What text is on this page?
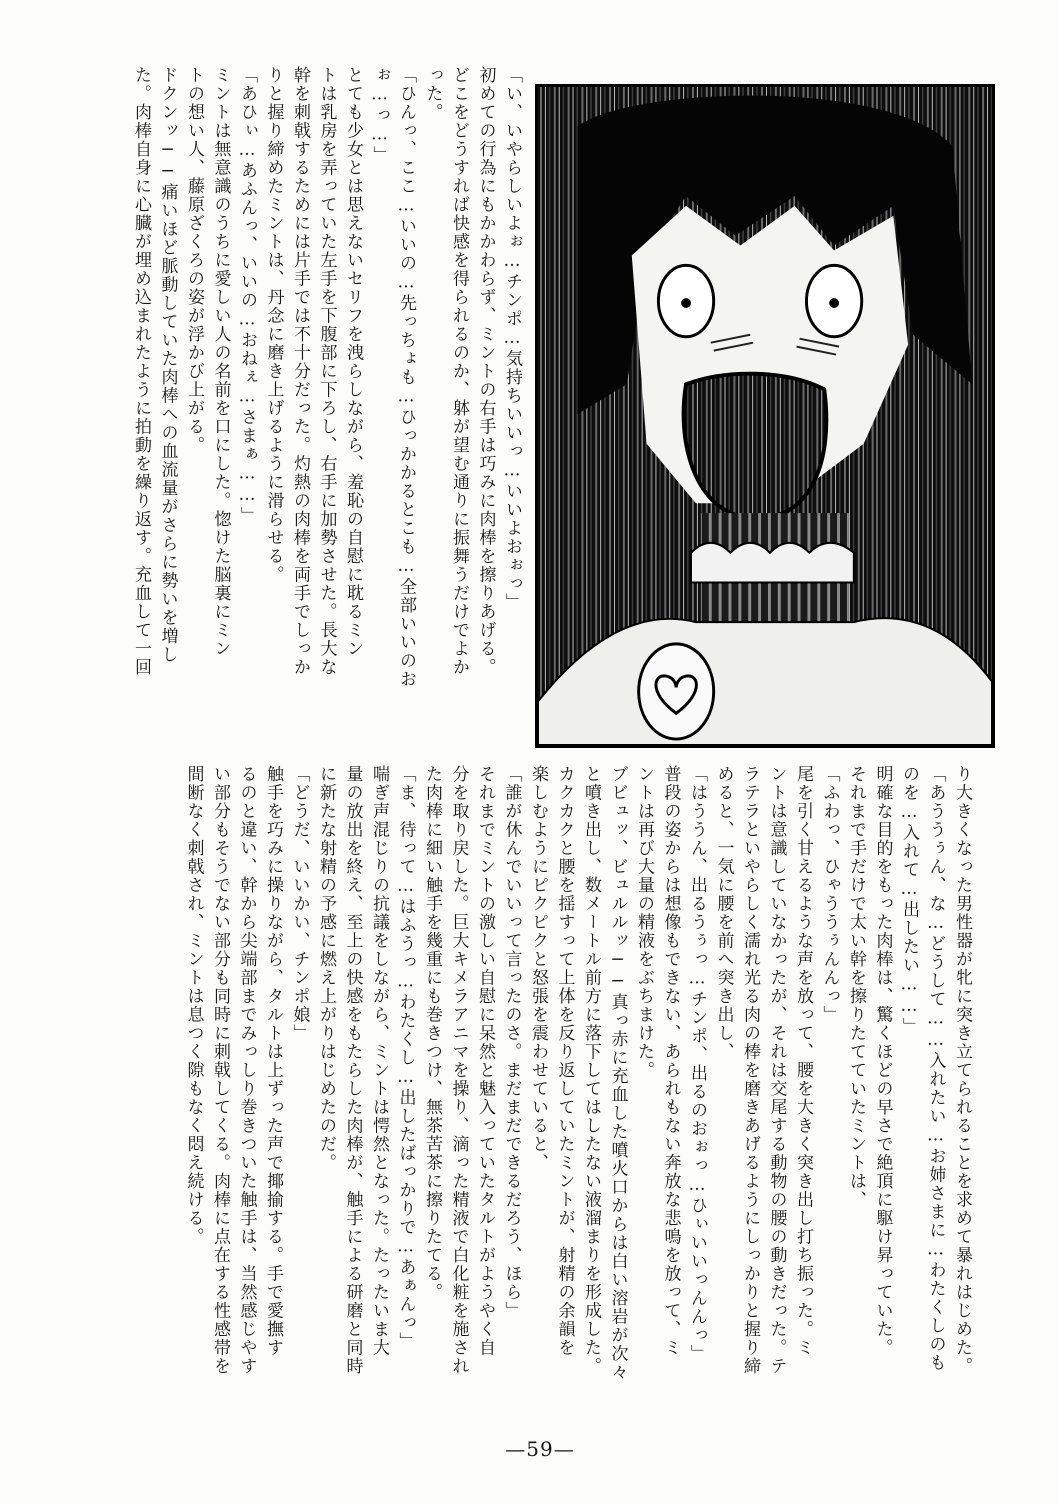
「い、いやらしいよぉ…チンポ…気持ちいいっ…いいよおぉっ」
初めての行為にもかかわらず、ミントの右手は巧みに肉棒を擦りあげる。
どこをどうすれば快感を得られるのか、躰が望む通りに振舞うだけでよか
った。
「ひんっ、ここ…いいの…先っちょも…ひっかかるとこも…全部いいのお
ぉ…っ…」
とても少女とは思えないセリフを洩らしながら、羞恥の自慰に耽るミン
トは乳房を弄っていた左手を下腹部に下ろし、右手に加勢させた。長大な
幹を刺戟するためには片手では不十分だった。灼熱の肉棒を両手でしっか
りと握り締めたミントは、丹念に磨き上げるように滑らせる。
「あひぃ…あふんっ、いいの…おねぇ…さまぁ……」
ミントは無意識のうちに愛しい人の名前を口にした。惚けた脳裏にミン
トの想い人、藤原ざくろの姿が浮かび上がる。
ドクンッ──痛いほど脈動していた肉棒への血流量がさらに勢いを増し
た。肉棒自身に心臓が埋め込まれたように拍動を繰り返す。充血して一回
り大きくなった男性器が牝に突き立てられることを求めて暴れはじめた。
「あううぅん、な…どうして……入れたい…お姉さまに…わたくしのも
のを…入れて…出したい……」
明確な目的をもった肉棒は、驚くほどの早さで絶頂に駆け昇っていた。
それまで手だけで太い幹を擦りたてていたミントは、
「ふわっ、ひゃううぅんんっ」
尾を引く甘えるような声を放って、腰を大きく突き出し打ち振った。ミ
ントは意識していなかったが、それは交尾する動物の腰の動きだった。テ
ラテラといやらしく濡れ光る肉の棒を磨きあげるようにしっかりと握り締
めると、一気に腰を前へ突き出し、
「はううん、出るうぅっ…チンポ、出るのおぉっ…ひぃいいっんんっ」
普段の姿からは想像もできない、あられもない奔放な悲鳴を放って、ミ
ントは再び大量の精液をぶちまけた。
ブビュッ、ビュルルッ──真っ赤に充血した噴火口からは白い溶岩が次々
と噴き出し、数メートル前方に落下してはしたない液溜まりを形成した。
カクカクと腰を揺すって上体を反り返していたミントが、射精の余韻を
楽しむようにピクピクと怒張を震わせていると、
「誰が休んでいいって言ったのさ。まだまだできるだろう、ほら」
それまでミントの激しい自慰に呆然と魅入っていたタルトがようやく自
分を取り戻した。巨大キメラアニマを操り、滴った精液で白化粧を施され
た肉棒に細い触手を幾重にも巻きつけ、無茶苦茶に擦りたてる。
「ま、待って…はふうっ…わたくし…出したばっかりで…あぁんっ」
喘ぎ声混じりの抗議をしながら、ミントは愕然となった。たったいま大
量の放出を終え、至上の快感をもたらした肉棒が、触手による研磨と同時
に新たな射精の予感に燃え上がりはじめたのだ。
「どうだ、いいかい、チンポ娘」
触手を巧みに操りながら、タルトは上ずった声で揶揄する。手で愛撫す
るのと違い、幹から尖端部までみっしり巻きついた触手は、当然感じやす
い部分もそうでない部分も同時に刺戟してくる。肉棒に点在する性感帯を
間断なく刺戟され、ミントは息つく隙もなく悶え続ける。
—59—
